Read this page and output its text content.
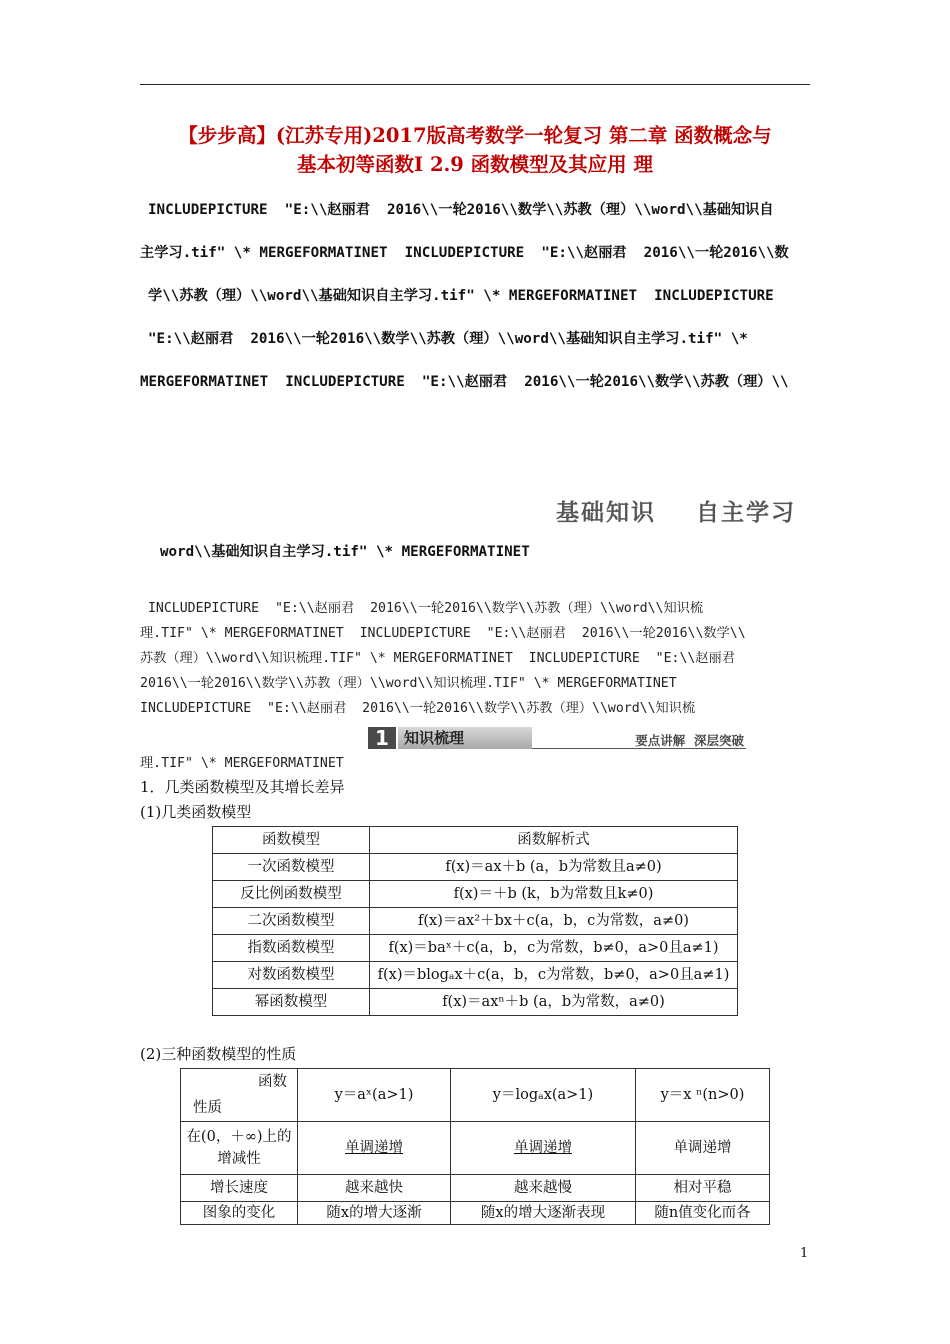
【步步高】(江苏专用)2017版高考数学一轮复习 第二章 函数概念与
基本初等函数Ⅰ 2.9 函数模型及其应用 理
INCLUDEPICTURE  "E:\\赵丽君  2016\\一轮2016\\数学\\苏教（理）\\word\\基础知识自
主学习.tif" \* MERGEFORMATINET  INCLUDEPICTURE  "E:\\赵丽君  2016\\一轮2016\\数
学\\苏教（理）\\word\\基础知识自主学习.tif" \* MERGEFORMATINET  INCLUDEPICTURE
"E:\\赵丽君  2016\\一轮2016\\数学\\苏教（理）\\word\\基础知识自主学习.tif" \*
MERGEFORMATINET  INCLUDEPICTURE  "E:\\赵丽君  2016\\一轮2016\\数学\\苏教（理）\\
基础知识    自主学习
word\\基础知识自主学习.tif" \* MERGEFORMATINET
INCLUDEPICTURE  "E:\\赵丽君  2016\\一轮2016\\数学\\苏教（理）\\word\\知识梳
理.TIF" \* MERGEFORMATINET  INCLUDEPICTURE  "E:\\赵丽君  2016\\一轮2016\\数学\\
苏教（理）\\word\\知识梳理.TIF" \* MERGEFORMATINET  INCLUDEPICTURE  "E:\\赵丽君
2016\\一轮2016\\数学\\苏教（理）\\word\\知识梳理.TIF" \* MERGEFORMATINET
INCLUDEPICTURE  "E:\\赵丽君  2016\\一轮2016\\数学\\苏教（理）\\word\\知识梳
1	知识梳理	要点讲解  深层突破
理.TIF" \* MERGEFORMATINET
1．几类函数模型及其增长差异
(1)几类函数模型
函数模型	函数解析式
一次函数模型	f(x)＝ax＋b (a，b为常数且a≠0)
反比例函数模型	f(x)＝＋b (k，b为常数且k≠0)
二次函数模型	f(x)＝ax²＋bx＋c(a，b，c为常数，a≠0)
指数函数模型	f(x)＝baˣ＋c(a，b，c为常数，b≠0，a>0且a≠1)
对数函数模型	f(x)＝blogₐx＋c(a，b，c为常数，b≠0，a>0且a≠1)
幂函数模型	f(x)＝axⁿ＋b (a，b为常数，a≠0)
(2)三种函数模型的性质
函数
性质	y＝aˣ(a>1)	y＝logₐx(a>1)	y＝x ⁿ(n>0)
在(0，＋∞)上的增减性	单调递增	单调递增	单调递增
增长速度	越来越快	越来越慢	相对平稳
图象的变化	随x的增大逐渐	随x的增大逐渐表现	随n值变化而各
1
